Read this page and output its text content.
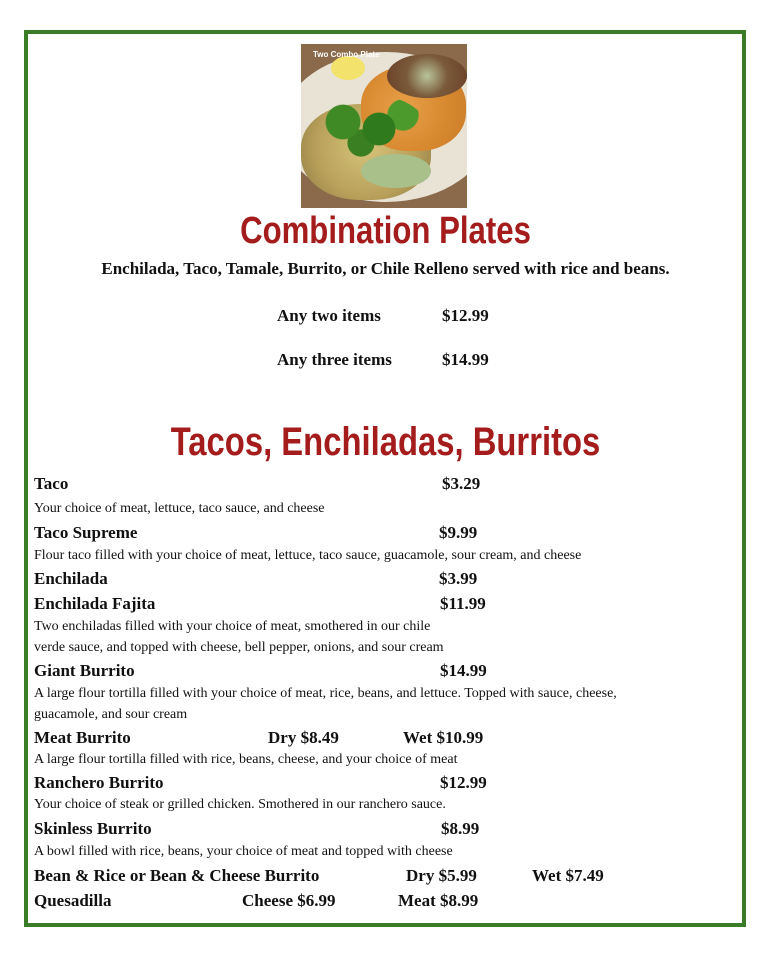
Two Combo Plate
Combination Plates
Enchilada, Taco, Tamale, Burrito, or Chile Relleno served with rice and beans.
Any two items	$12.99
Any three items	$14.99
Tacos, Enchiladas, Burritos
Taco	$3.29
Your choice of meat, lettuce, taco sauce, and cheese
Taco Supreme	$9.99
Flour taco filled with your choice of meat, lettuce, taco sauce, guacamole, sour cream, and cheese
Enchilada	$3.99
Enchilada Fajita	$11.99
Two enchiladas filled with your choice of meat, smothered in our chile
verde sauce, and topped with cheese, bell pepper, onions, and sour cream
Giant Burrito	$14.99
A large flour tortilla filled with your choice of meat, rice, beans, and lettuce. Topped with sauce, cheese,
guacamole, and sour cream
Meat Burrito	Dry $8.49	Wet $10.99
A large flour tortilla filled with rice, beans, cheese, and your choice of meat
Ranchero Burrito	$12.99
Your choice of steak or grilled chicken. Smothered in our ranchero sauce.
Skinless Burrito	$8.99
A bowl filled with rice, beans, your choice of meat and topped with cheese
Bean & Rice or Bean & Cheese Burrito	Dry $5.99	Wet $7.49
Quesadilla	Cheese $6.99	Meat $8.99
